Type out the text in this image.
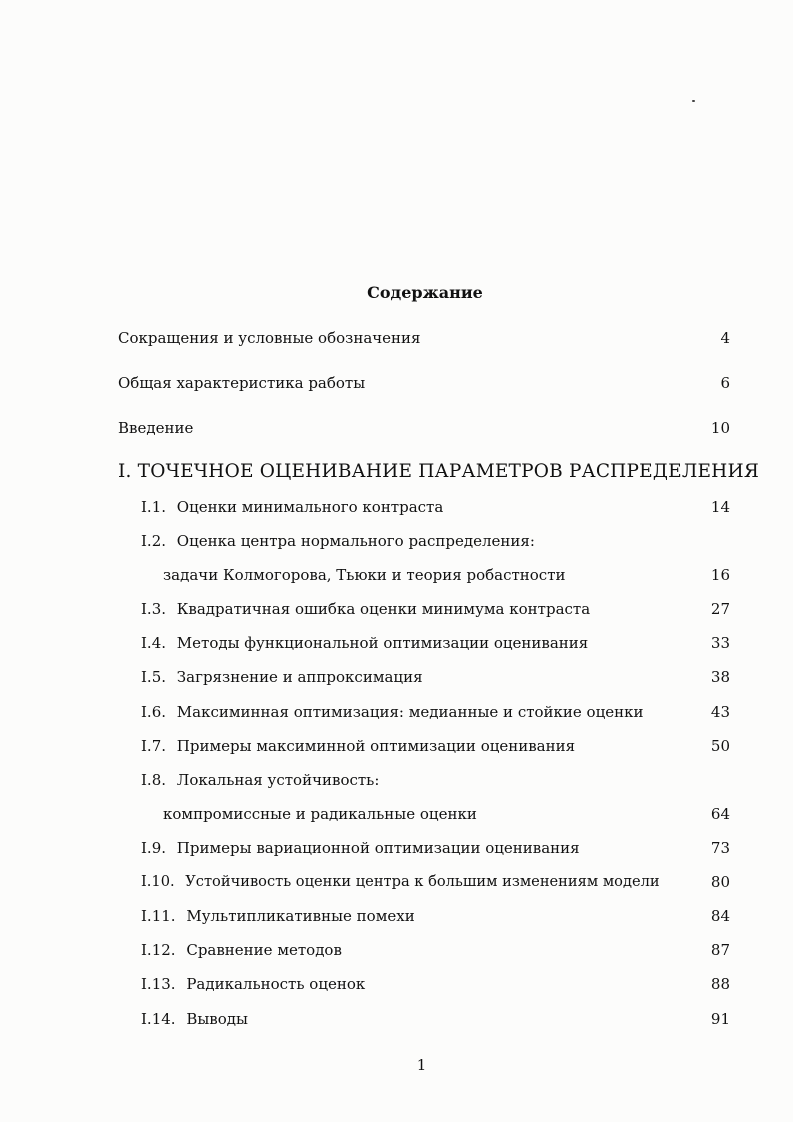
Содержание
Сокращения и условные обозначения	4
Общая характеристика работы	6
Введение	10
I. ТОЧЕЧНОЕ ОЦЕНИВАНИЕ ПАРАМЕТРОВ РАСПРЕДЕЛЕНИЯ
I.1. Оценки минимального контраста	14
I.2. Оценка центра нормального распределения:
задачи Колмогорова, Тьюки и теория робастности	16
I.3. Квадратичная ошибка оценки минимума контраста	27
I.4. Методы функциональной оптимизации оценивания	33
I.5. Загрязнение и аппроксимация	38
I.6. Максиминная оптимизация: медианные и стойкие оценки	43
I.7. Примеры максиминной оптимизации оценивания	50
I.8. Локальная устойчивость:
компромиссные и радикальные оценки	64
I.9. Примеры вариационной оптимизации оценивания	73
I.10. Устойчивость оценки центра к большим изменениям модели	80
I.11. Мультипликативные помехи	84
I.12. Сравнение методов	87
I.13. Радикальность оценок	88
I.14. Выводы	91
1
